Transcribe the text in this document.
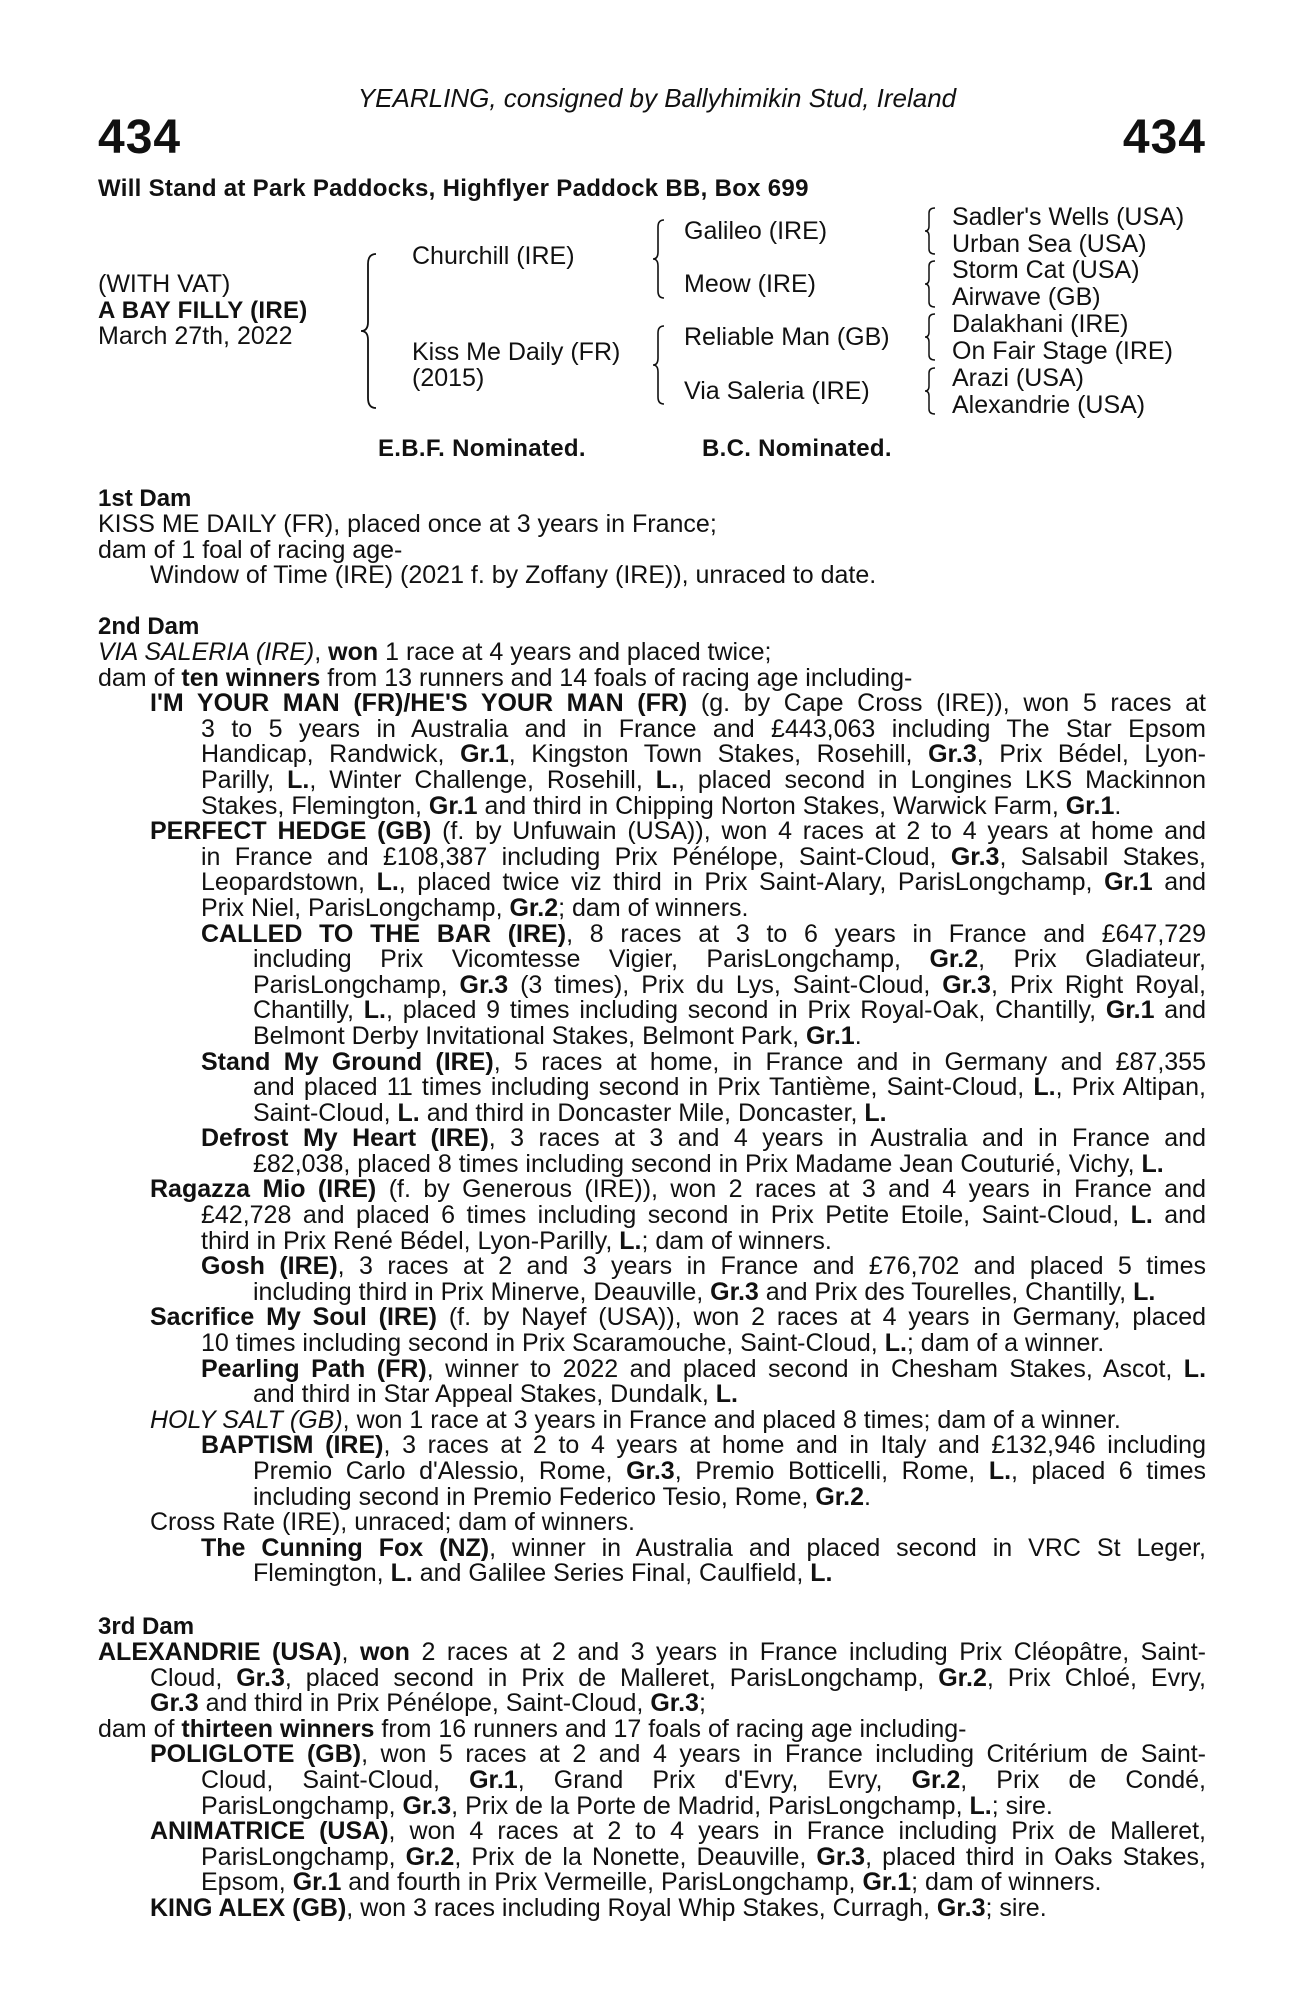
YEARLING, consigned by Ballyhimikin Stud, Ireland
434	434
Will Stand at Park Paddocks, Highflyer Paddock BB, Box 699
(WITH VAT)
A BAY FILLY (IRE)
March 27th, 2022
Churchill (IRE)
Kiss Me Daily (FR)
(2015)
Galileo (IRE)
Meow (IRE)
Reliable Man (GB)
Via Saleria (IRE)
Sadler's Wells (USA)
Urban Sea (USA)
Storm Cat (USA)
Airwave (GB)
Dalakhani (IRE)
On Fair Stage (IRE)
Arazi (USA)
Alexandrie (USA)
E.B.F. Nominated.	B.C. Nominated.
1st Dam
KISS ME DAILY (FR), placed once at 3 years in France;
dam of 1 foal of racing age-
Window of Time (IRE) (2021 f. by Zoffany (IRE)), unraced to date.
2nd Dam
VIA SALERIA (IRE), won 1 race at 4 years and placed twice;
dam of ten winners from 13 runners and 14 foals of racing age including-
I'M YOUR MAN (FR)/HE'S YOUR MAN (FR) (g. by Cape Cross (IRE)), won 5 races at
3 to 5 years in Australia and in France and £443,063 including The Star Epsom
Handicap, Randwick, Gr.1, Kingston Town Stakes, Rosehill, Gr.3, Prix Bédel, Lyon-
Parilly, L., Winter Challenge, Rosehill, L., placed second in Longines LKS Mackinnon
Stakes, Flemington, Gr.1 and third in Chipping Norton Stakes, Warwick Farm, Gr.1.
PERFECT HEDGE (GB) (f. by Unfuwain (USA)), won 4 races at 2 to 4 years at home and
in France and £108,387 including Prix Pénélope, Saint-Cloud, Gr.3, Salsabil Stakes,
Leopardstown, L., placed twice viz third in Prix Saint-Alary, ParisLongchamp, Gr.1 and
Prix Niel, ParisLongchamp, Gr.2; dam of winners.
CALLED TO THE BAR (IRE), 8 races at 3 to 6 years in France and £647,729
including Prix Vicomtesse Vigier, ParisLongchamp, Gr.2, Prix Gladiateur,
ParisLongchamp, Gr.3 (3 times), Prix du Lys, Saint-Cloud, Gr.3, Prix Right Royal,
Chantilly, L., placed 9 times including second in Prix Royal-Oak, Chantilly, Gr.1 and
Belmont Derby Invitational Stakes, Belmont Park, Gr.1.
Stand My Ground (IRE), 5 races at home, in France and in Germany and £87,355
and placed 11 times including second in Prix Tantième, Saint-Cloud, L., Prix Altipan,
Saint-Cloud, L. and third in Doncaster Mile, Doncaster, L.
Defrost My Heart (IRE), 3 races at 3 and 4 years in Australia and in France and
£82,038, placed 8 times including second in Prix Madame Jean Couturié, Vichy, L.
Ragazza Mio (IRE) (f. by Generous (IRE)), won 2 races at 3 and 4 years in France and
£42,728 and placed 6 times including second in Prix Petite Etoile, Saint-Cloud, L. and
third in Prix René Bédel, Lyon-Parilly, L.; dam of winners.
Gosh (IRE), 3 races at 2 and 3 years in France and £76,702 and placed 5 times
including third in Prix Minerve, Deauville, Gr.3 and Prix des Tourelles, Chantilly, L.
Sacrifice My Soul (IRE) (f. by Nayef (USA)), won 2 races at 4 years in Germany, placed
10 times including second in Prix Scaramouche, Saint-Cloud, L.; dam of a winner.
Pearling Path (FR), winner to 2022 and placed second in Chesham Stakes, Ascot, L.
and third in Star Appeal Stakes, Dundalk, L.
HOLY SALT (GB), won 1 race at 3 years in France and placed 8 times; dam of a winner.
BAPTISM (IRE), 3 races at 2 to 4 years at home and in Italy and £132,946 including
Premio Carlo d'Alessio, Rome, Gr.3, Premio Botticelli, Rome, L., placed 6 times
including second in Premio Federico Tesio, Rome, Gr.2.
Cross Rate (IRE), unraced; dam of winners.
The Cunning Fox (NZ), winner in Australia and placed second in VRC St Leger,
Flemington, L. and Galilee Series Final, Caulfield, L.
3rd Dam
ALEXANDRIE (USA), won 2 races at 2 and 3 years in France including Prix Cléopâtre, Saint-
Cloud, Gr.3, placed second in Prix de Malleret, ParisLongchamp, Gr.2, Prix Chloé, Evry,
Gr.3 and third in Prix Pénélope, Saint-Cloud, Gr.3;
dam of thirteen winners from 16 runners and 17 foals of racing age including-
POLIGLOTE (GB), won 5 races at 2 and 4 years in France including Critérium de Saint-
Cloud, Saint-Cloud, Gr.1, Grand Prix d'Evry, Evry, Gr.2, Prix de Condé,
ParisLongchamp, Gr.3, Prix de la Porte de Madrid, ParisLongchamp, L.; sire.
ANIMATRICE (USA), won 4 races at 2 to 4 years in France including Prix de Malleret,
ParisLongchamp, Gr.2, Prix de la Nonette, Deauville, Gr.3, placed third in Oaks Stakes,
Epsom, Gr.1 and fourth in Prix Vermeille, ParisLongchamp, Gr.1; dam of winners.
KING ALEX (GB), won 3 races including Royal Whip Stakes, Curragh, Gr.3; sire.
